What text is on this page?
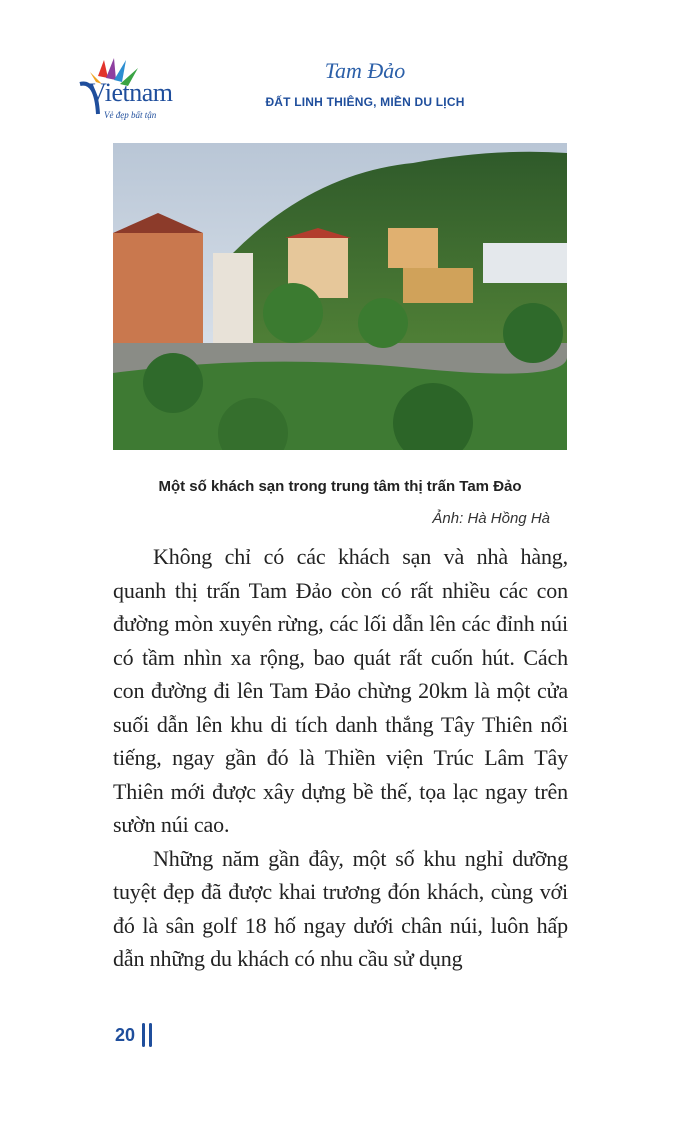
Vietnam
Vẻ đẹp bất tận
Tam Đảo
ĐẤT LINH THIÊNG, MIỀN DU LỊCH
Một số khách sạn trong trung tâm thị trấn Tam Đảo
Ảnh: Hà Hồng Hà

Không chỉ có các khách sạn và nhà hàng, quanh thị trấn Tam Đảo còn có rất nhiều các con đường mòn xuyên rừng, các lối dẫn lên các đỉnh núi có tầm nhìn xa rộng, bao quát rất cuốn hút. Cách con đường đi lên Tam Đảo chừng 20km là một cửa suối dẫn lên khu di tích danh thắng Tây Thiên nổi tiếng, ngay gần đó là Thiền viện Trúc Lâm Tây Thiên mới được xây dựng bề thế, tọa lạc ngay trên sườn núi cao.

Những năm gần đây, một số khu nghỉ dưỡng tuyệt đẹp đã được khai trương đón khách, cùng với đó là sân golf 18 hố ngay dưới chân núi, luôn hấp dẫn những du khách có nhu cầu sử dụng

20
